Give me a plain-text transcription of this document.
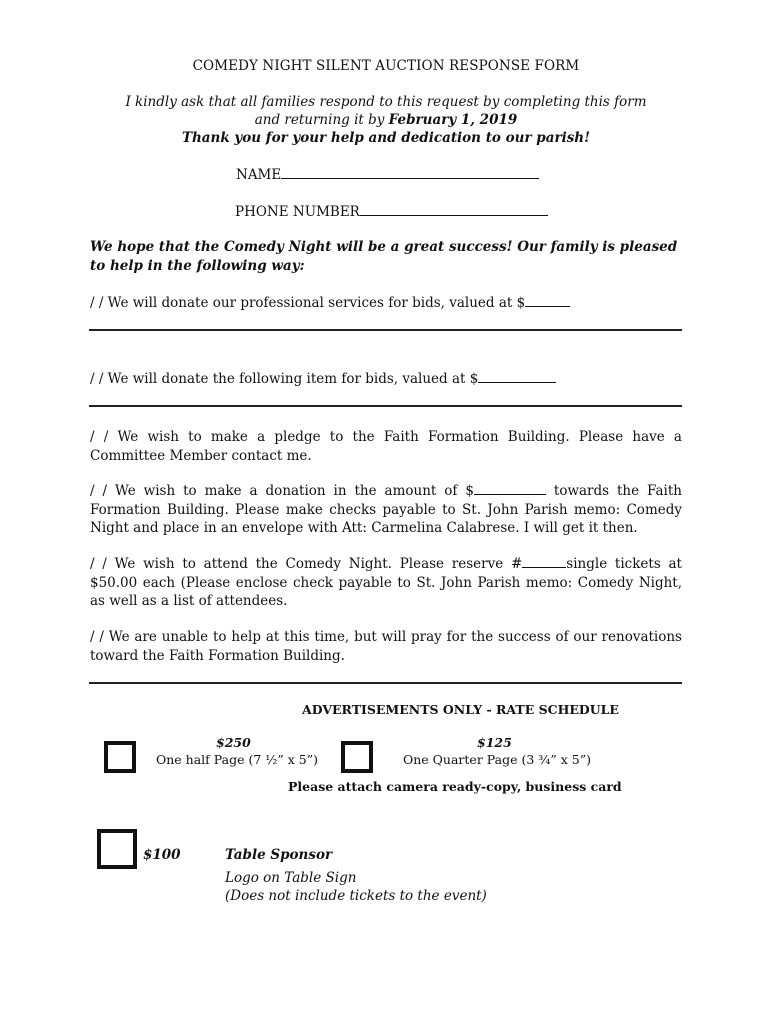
COMEDY NIGHT SILENT AUCTION RESPONSE FORM
I kindly ask that all families respond to this request by completing this form
and returning it by February 1, 2019
Thank you for your help and dedication to our parish!
NAME
PHONE NUMBER
We hope that the Comedy Night will be a great success! Our family is pleased to help in the following way:
/ / We will donate our professional services for bids, valued at $
/ / We will donate the following item for bids, valued at $
/ / We wish to make a pledge to the Faith Formation Building. Please have a Committee Member contact me.
/ / We wish to make a donation in the amount of $	towards the Faith Formation Building. Please make checks payable to St. John Parish memo: Comedy Night and place in an envelope with Att: Carmelina Calabrese. I will get it then.
/ / We wish to attend the Comedy Night. Please reserve #	single tickets at $50.00 each (Please enclose check payable to St. John Parish memo: Comedy Night, as well as a list of attendees.
/ / We are unable to help at this time, but will pray for the success of our renovations toward the Faith Formation Building.
ADVERTISEMENTS ONLY - RATE SCHEDULE
$250
One half Page (7 ½” x 5”)
$125
One Quarter Page (3 ¾” x 5”)
Please attach camera ready-copy, business card
$100	Table Sponsor
Logo on Table Sign
(Does not include tickets to the event)
